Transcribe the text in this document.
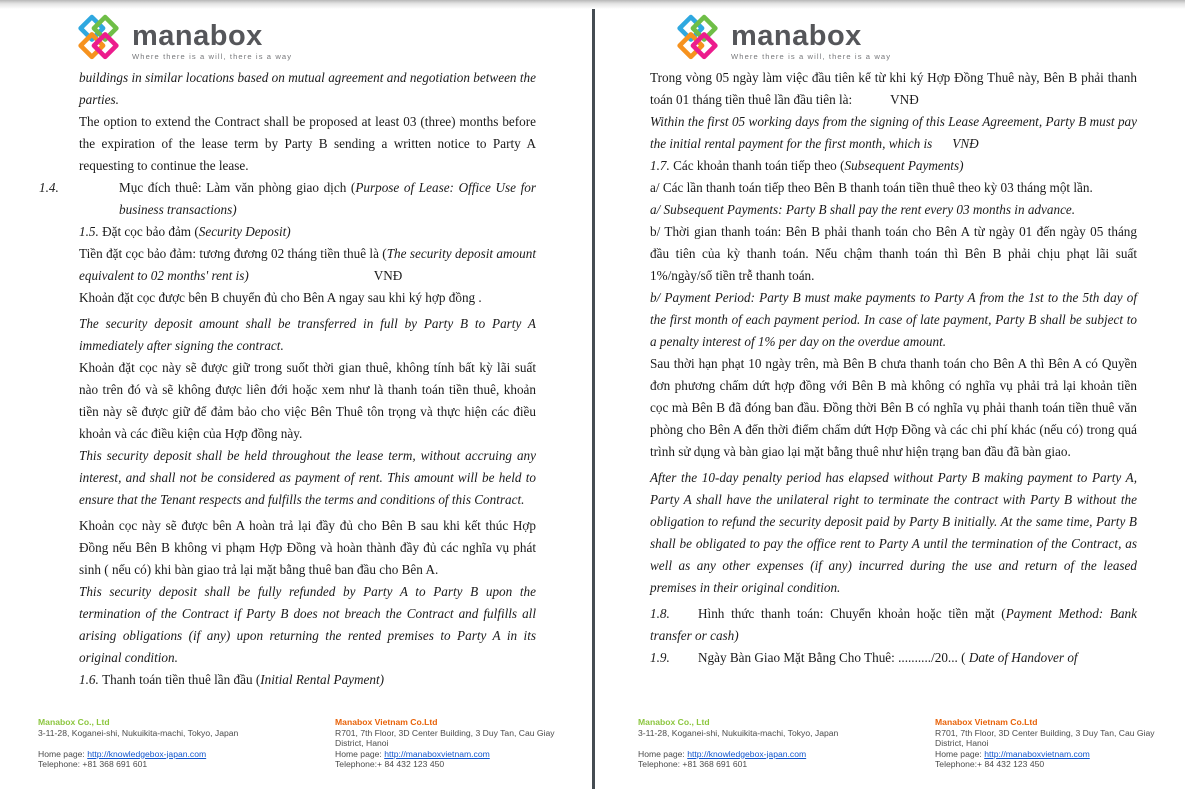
manabox
Where there is a will, there is a way

buildings in similar locations based on mutual agreement and negotiation between the parties.

The option to extend the Contract shall be proposed at least 03 (three) months before the expiration of the lease term by Party B sending a written notice to Party A requesting to continue the lease.

1.4.	Mục đích thuê: Làm văn phòng giao dịch (Purpose of Lease: Office Use for business transactions)

1.5. Đặt cọc bảo đảm (Security Deposit)

Tiền đặt cọc bảo đảm: tương đương 02 tháng tiền thuê là (The security deposit amount equivalent to 02 months' rent is)	VNĐ

Khoản đặt cọc được bên B chuyển đủ cho Bên A ngay sau khi ký hợp đồng .

The security deposit amount shall be transferred in full by Party B to Party A immediately after signing the contract.

Khoản đặt cọc này sẽ được giữ trong suốt thời gian thuê, không tính bất kỳ lãi suất nào trên đó và sẽ không được liên đới hoặc xem như là thanh toán tiền thuê, khoản tiền này sẽ được giữ để đảm bảo cho việc Bên Thuê tôn trọng và thực hiện các điều khoản và các điều kiện của Hợp đồng này.

This security deposit shall be held throughout the lease term, without accruing any interest, and shall not be considered as payment of rent. This amount will be held to ensure that the Tenant respects and fulfills the terms and conditions of this Contract.

Khoản cọc này sẽ được bên A hoàn trả lại đầy đủ cho Bên B sau khi kết thúc Hợp Đồng nếu Bên B không vi phạm Hợp Đồng và hoàn thành đầy đủ các nghĩa vụ phát sinh ( nếu có) khi bàn giao trả lại mặt bằng thuê ban đầu cho Bên A.

This security deposit shall be fully refunded by Party A to Party B upon the termination of the Contract if Party B does not breach the Contract and fulfills all arising obligations (if any) upon returning the rented premises to Party A in its original condition.

1.6. Thanh toán tiền thuê lần đầu (Initial Rental Payment)

Manabox Co., Ltd
3-11-28, Koganei-shi, Nukuikita-machi, Tokyo, Japan
Home page: http://knowledgebox-japan.com
Telephone: +81 368 691 601
Manabox Vietnam Co.Ltd
R701, 7th Floor, 3D Center Building, 3 Duy Tan, Cau Giay District, Hanoi
Home page: http://manaboxvietnam.com
Telephone:+ 84 432 123 450
manabox
Where there is a will, there is a way

Trong vòng 05 ngày làm việc đầu tiên kể từ khi ký Hợp Đồng Thuê này, Bên B phải thanh toán 01 tháng tiền thuê lần đầu tiên là:	VNĐ

Within the first 05 working days from the signing of this Lease Agreement, Party B must pay the initial rental payment for the first month, which is VNĐ

1.7. Các khoản thanh toán tiếp theo (Subsequent Payments)

a/ Các lần thanh toán tiếp theo Bên B thanh toán tiền thuê theo kỳ 03 tháng một lần.

a/ Subsequent Payments: Party B shall pay the rent every 03 months in advance.

b/ Thời gian thanh toán: Bên B phải thanh toán cho Bên A từ ngày 01 đến ngày 05 tháng đầu tiên của kỳ thanh toán. Nếu chậm thanh toán thì Bên B phải chịu phạt lãi suất 1%/ngày/số tiền trễ thanh toán.

b/ Payment Period: Party B must make payments to Party A from the 1st to the 5th day of the first month of each payment period. In case of late payment, Party B shall be subject to a penalty interest of 1% per day on the overdue amount.

Sau thời hạn phạt 10 ngày trên, mà Bên B chưa thanh toán cho Bên A thì Bên A có Quyền đơn phương chấm dứt hợp đồng với Bên B mà không có nghĩa vụ phải trả lại khoản tiền cọc mà Bên B đã đóng ban đầu. Đồng thời Bên B có nghĩa vụ phải thanh toán tiền thuê văn phòng cho Bên A đến thời điểm chấm dứt Hợp Đồng và các chi phí khác (nếu có) trong quá trình sử dụng và bàn giao lại mặt bằng thuê như hiện trạng ban đầu đã bàn giao.

After the 10-day penalty period has elapsed without Party B making payment to Party A, Party A shall have the unilateral right to terminate the contract with Party B without the obligation to refund the security deposit paid by Party B initially. At the same time, Party B shall be obligated to pay the office rent to Party A until the termination of the Contract, as well as any other expenses (if any) incurred during the use and return of the leased premises in their original condition.

1.8. Hình thức thanh toán: Chuyển khoản hoặc tiền mặt (Payment Method: Bank transfer or cash)

1.9. Ngày Bàn Giao Mặt Bằng Cho Thuê: ........../20... ( Date of Handover of

Manabox Co., Ltd
3-11-28, Koganei-shi, Nukuikita-machi, Tokyo, Japan
Home page: http://knowledgebox-japan.com
Telephone: +81 368 691 601
Manabox Vietnam Co.Ltd
R701, 7th Floor, 3D Center Building, 3 Duy Tan, Cau Giay District, Hanoi
Home page: http://manaboxvietnam.com
Telephone:+ 84 432 123 450
